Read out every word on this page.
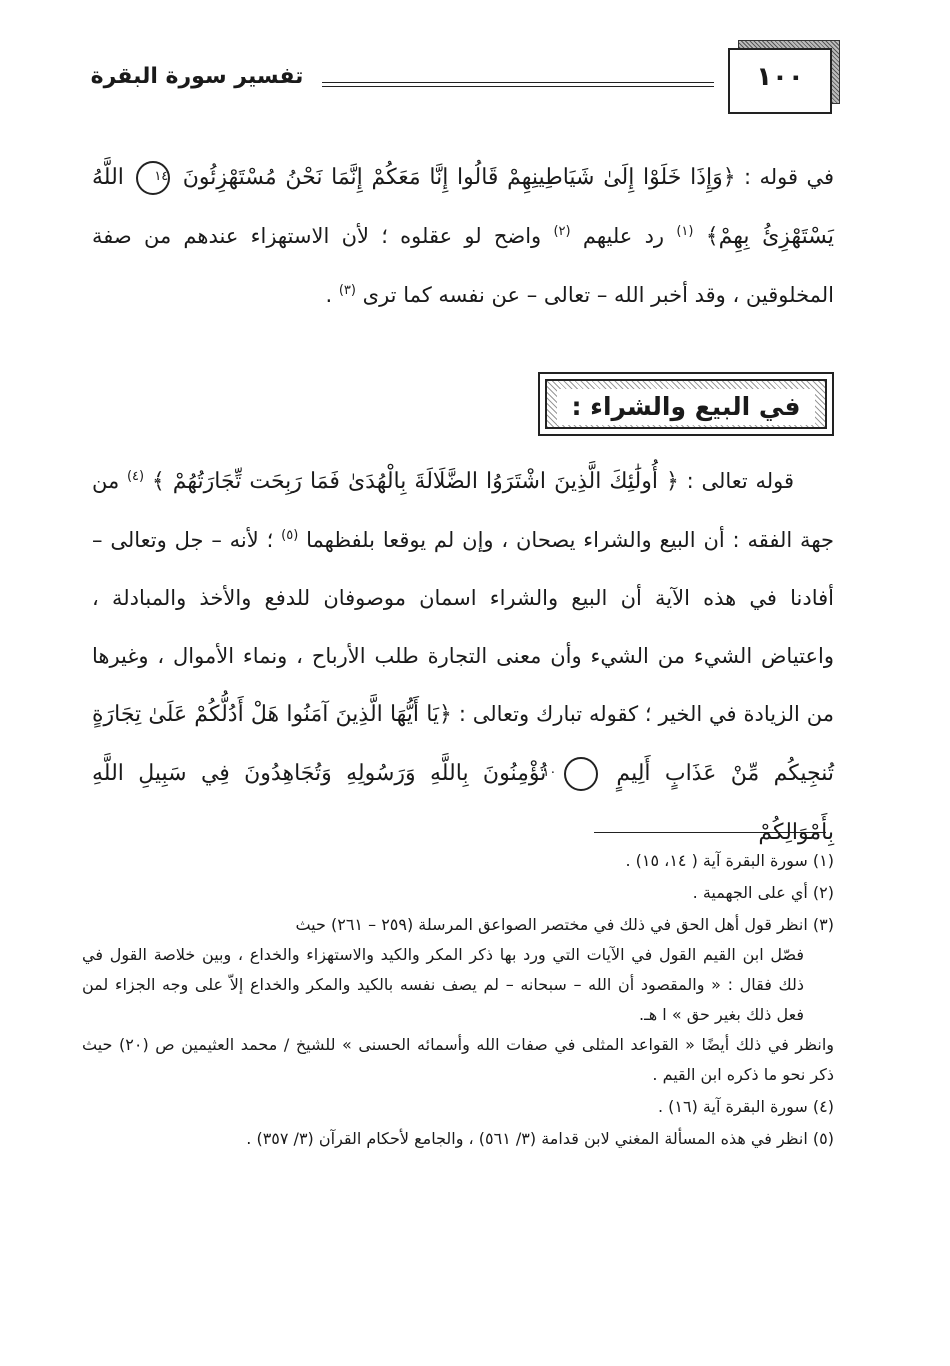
١٠٠
تفسير سورة البقرة
في قوله : ﴿وَإِذَا خَلَوْا إِلَىٰ شَيَاطِينِهِمْ قَالُوا إِنَّا مَعَكُمْ إِنَّمَا نَحْنُ مُسْتَهْزِئُونَ ١٤ اللَّهُ يَسْتَهْزِئُ بِهِمْ﴾ $^{(١)}$ رد عليهم $^{(٢)}$ واضح لو عقلوه ؛ لأن الاستهزاء عندهم من صفة المخلوقين ، وقد أخبر الله – تعالى – عن نفسه كما ترى $^{(٣)}$ .
في البيع والشراء :
قوله تعالى : ﴿ أُولَٰئِكَ الَّذِينَ اشْتَرَوُا الضَّلَالَةَ بِالْهُدَىٰ فَمَا رَبِحَت تِّجَارَتُهُمْ ﴾ $^{(٤)}$ من جهة الفقه : أن البيع والشراء يصحان ، وإن لم يوقعا بلفظهما $^{(٥)}$ ؛ لأنه – جل وتعالى – أفادنا في هذه الآية أن البيع والشراء اسمان موصوفان للدفع والأخذ والمبادلة ، واعتياض الشيء من الشيء وأن معنى التجارة طلب الأرباح ، ونماء الأموال ، وغيرها من الزيادة في الخير ؛ كقوله تبارك وتعالى : ﴿يَا أَيُّهَا الَّذِينَ آمَنُوا هَلْ أَدُلُّكُمْ عَلَىٰ تِجَارَةٍ تُنجِيكُم مِّنْ عَذَابٍ أَلِيمٍ ١٠ تُؤْمِنُونَ بِاللَّهِ وَرَسُولِهِ وَتُجَاهِدُونَ فِي سَبِيلِ اللَّهِ بِأَمْوَالِكُمْ
(١) سورة البقرة آية ( ١٤، ١٥) .
(٢) أي على الجهمية .
(٣) انظر قول أهل الحق في ذلك في مختصر الصواعق المرسلة (٢٥٩ – ٢٦١) حيث
فصّل ابن القيم القول في الآيات التي ورد بها ذكر المكر والكيد والاستهزاء والخداع ، وبين خلاصة القول في ذلك فقال : « والمقصود أن الله – سبحانه – لم يصف نفسه بالكيد والمكر والخداع إلاّ على وجه الجزاء لمن فعل ذلك بغير حق » ا هـ.
وانظر في ذلك أيضًا « القواعد المثلى في صفات الله وأسمائه الحسنى » للشيخ / محمد العثيمين ص (٢٠) حيث ذكر نحو ما ذكره ابن القيم .
(٤) سورة البقرة آية (١٦) .
(٥) انظر في هذه المسألة المغني لابن قدامة (٣/ ٥٦١) ، والجامع لأحكام القرآن (٣/ ٣٥٧) .
